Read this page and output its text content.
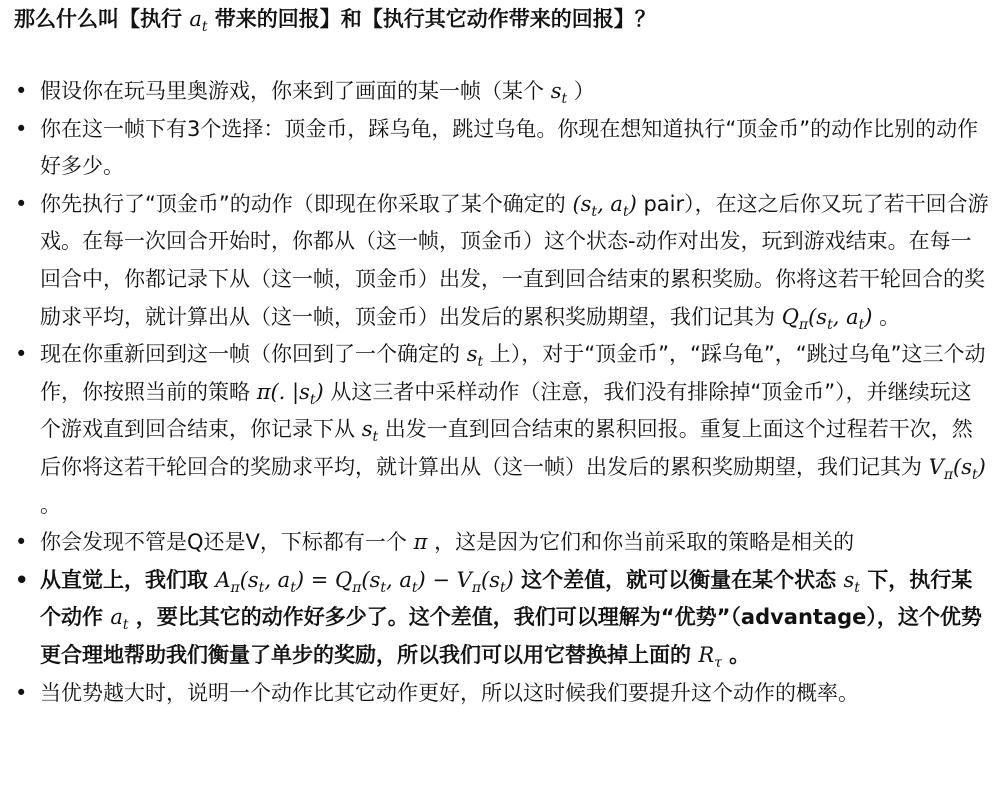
那么什么叫【执行 $a_t$ 带来的回报】和【执行其它动作带来的回报】？
• 假设你在玩马里奥游戏，你来到了画面的某一帧（某个 $s_t$ ）
• 你在这一帧下有3个选择：顶金币，踩乌龟，跳过乌龟。你现在想知道执行“顶金币”的动作比别的动作好多少。
• 你先执行了“顶金币”的动作（即现在你采取了某个确定的 ($s_t$, $a_t$) pair），在这之后你又玩了若干回合游戏。在每一次回合开始时，你都从（这一帧，顶金币）这个状态-动作对出发，玩到游戏结束。在每一回合中，你都记录下从（这一帧，顶金币）出发，一直到回合结束的累积奖励。你将这若干轮回合的奖励求平均，就计算出从（这一帧，顶金币）出发后的累积奖励期望，我们记其为 $Q_\pi(s_t$, $a_t$) 。
• 现在你重新回到这一帧（你回到了一个确定的 $s_t$ 上），对于“顶金币”，“踩乌龟”，“跳过乌龟”这三个动作，你按照当前的策略 π(. $|s_t$) 从这三者中采样动作（注意，我们没有排除掉“顶金币”），并继续玩这个游戏直到回合结束，你记录下从 $s_t$ 出发一直到回合结束的累积回报。重复上面这个过程若干次，然后你将这若干轮回合的奖励求平均，就计算出从（这一帧）出发后的累积奖励期望，我们记其为 $V_\pi(s_t)$ 。
• 你会发现不管是Q还是V，下标都有一个 π ，这是因为它们和你当前采取的策略是相关的
• 从直觉上，我们取 $A_\pi(s_t$, $a_t) = Q_\pi(s_t$, $a_t) - V_\pi(s_t)$ 这个差值，就可以衡量在某个状态 $s_t$ 下，执行某个动作 $a_t$ ，要比其它的动作好多少了。这个差值，我们可以理解为“优势”（advantage），这个优势更合理地帮助我们衡量了单步的奖励，所以我们可以用它替换掉上面的 $R_\tau$ 。
• 当优势越大时，说明一个动作比其它动作更好，所以这时候我们要提升这个动作的概率。
